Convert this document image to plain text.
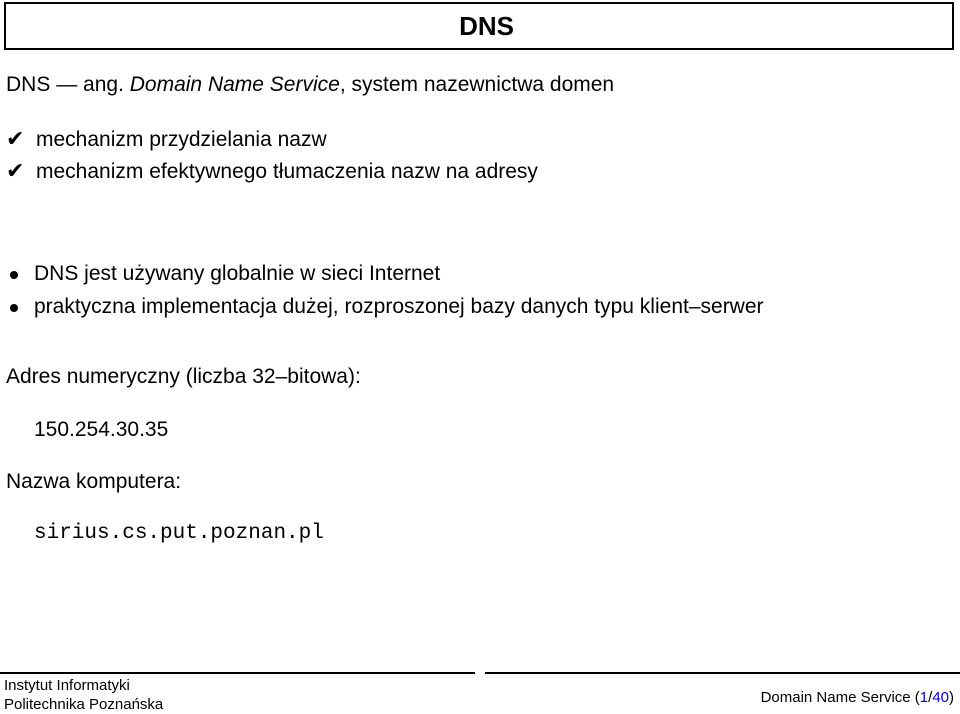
DNS
DNS — ang. Domain Name Service, system nazewnictwa domen
✔ mechanizm przydzielania nazw
✔ mechanizm efektywnego tłumaczenia nazw na adresy
DNS jest używany globalnie w sieci Internet
praktyczna implementacja dużej, rozproszonej bazy danych typu klient–serwer
Adres numeryczny (liczba 32–bitowa):
150.254.30.35
Nazwa komputera:
sirius.cs.put.poznan.pl
Instytut Informatyki
Politechnika Poznańska	Domain Name Service (1/40)
